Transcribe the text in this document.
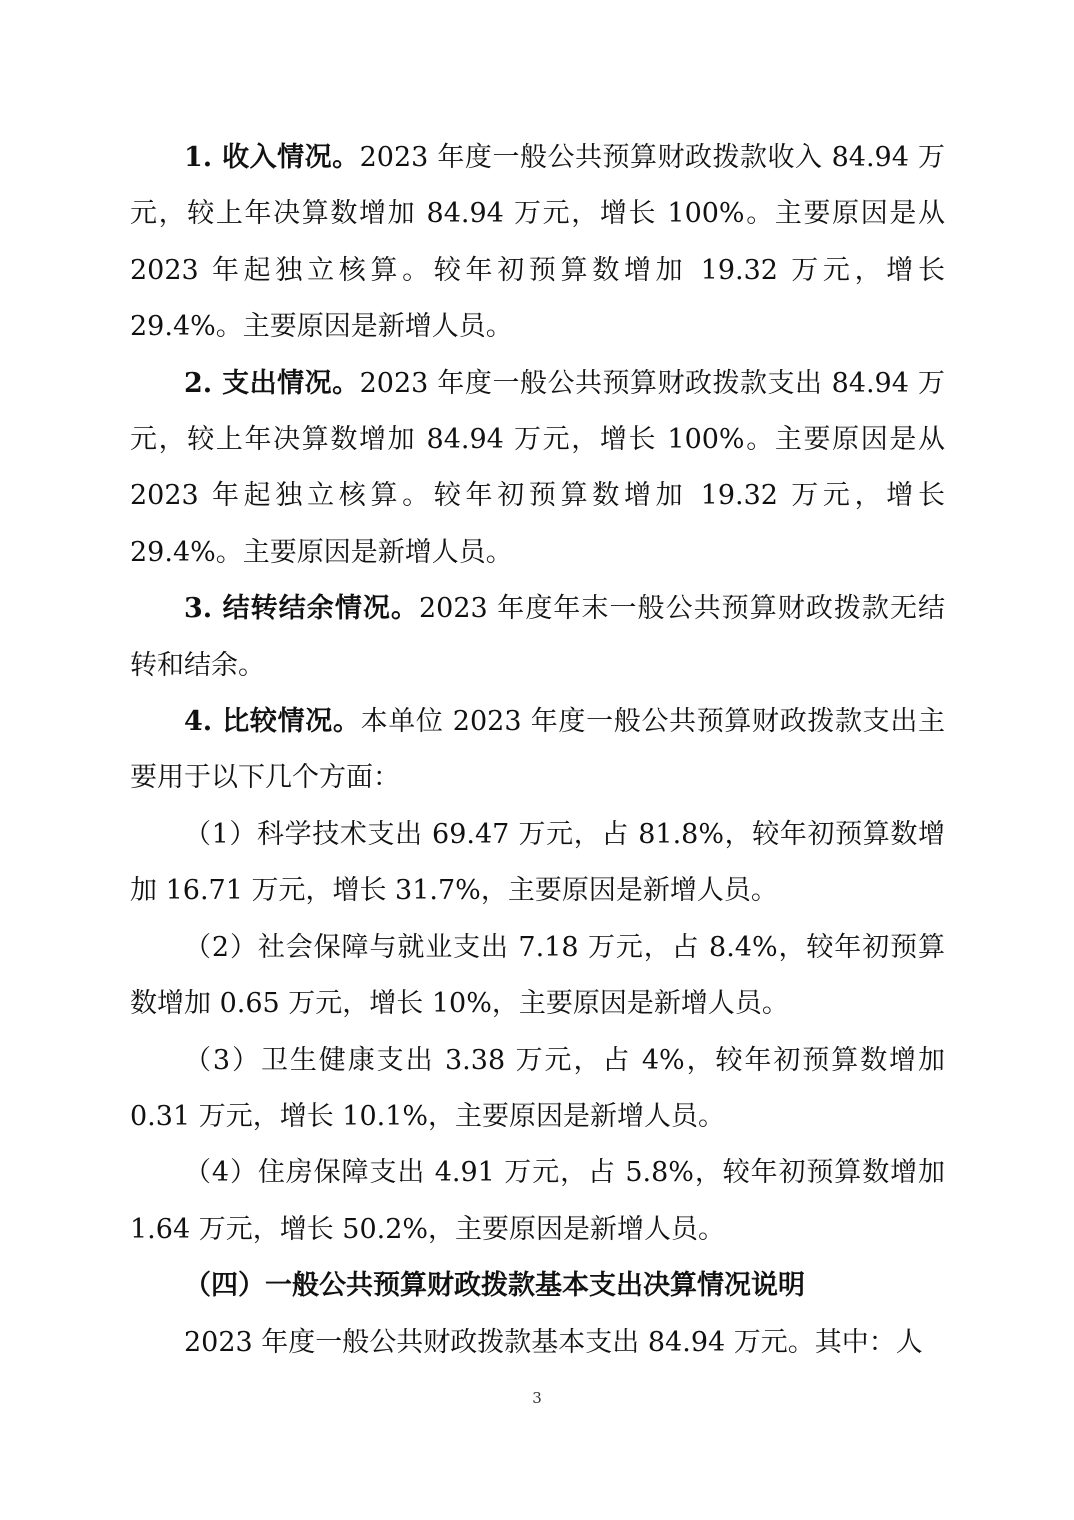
1. 收入情况。2023 年度一般公共预算财政拨款收入 84.94 万元，较上年决算数增加 84.94 万元，增长 100%。主要原因是从 2023 年起独立核算。较年初预算数增加 19.32 万元，增长 29.4%。主要原因是新增人员。

2. 支出情况。2023 年度一般公共预算财政拨款支出 84.94 万元，较上年决算数增加 84.94 万元，增长 100%。主要原因是从 2023 年起独立核算。较年初预算数增加 19.32 万元，增长 29.4%。主要原因是新增人员。

3. 结转结余情况。2023 年度年末一般公共预算财政拨款无结转和结余。

4. 比较情况。本单位 2023 年度一般公共预算财政拨款支出主要用于以下几个方面：

（1）科学技术支出 69.47 万元，占 81.8%，较年初预算数增加 16.71 万元，增长 31.7%，主要原因是新增人员。

（2）社会保障与就业支出 7.18 万元，占 8.4%，较年初预算数增加 0.65 万元，增长 10%，主要原因是新增人员。

（3）卫生健康支出 3.38 万元，占 4%，较年初预算数增加 0.31 万元，增长 10.1%，主要原因是新增人员。

（4）住房保障支出 4.91 万元，占 5.8%，较年初预算数增加 1.64 万元，增长 50.2%，主要原因是新增人员。

（四）一般公共预算财政拨款基本支出决算情况说明

2023 年度一般公共财政拨款基本支出 84.94 万元。其中：人

3
